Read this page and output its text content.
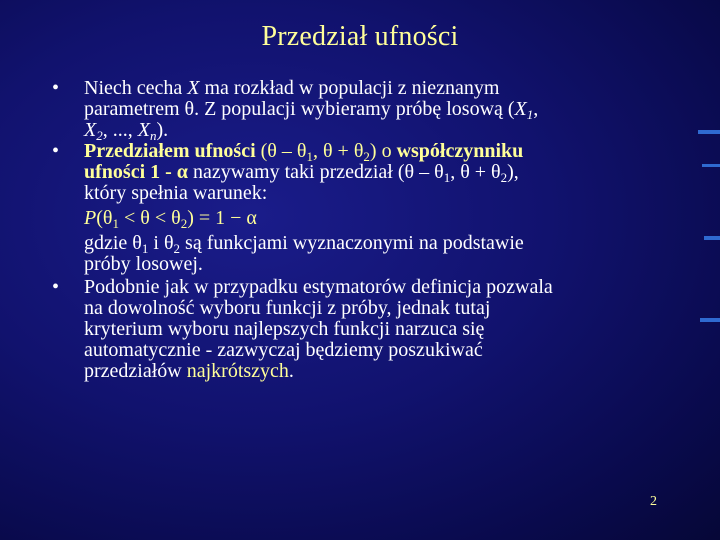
Przedział ufności
• Niech cecha X ma rozkład w populacji z nieznanym
parametrem θ. Z populacji wybieramy próbę losową ($X_1$,
$X_2$, ..., $X_n$).
• Przedziałem ufności ($\theta - \theta_1$, $\theta + \theta_2$) o współczynniku
ufności 1 - α nazywamy taki przedział ($\theta - \theta_1$, $\theta + \theta_2$),
który spełnia warunek:
$P(\theta_1 < \theta < \theta_2) = 1 - \alpha$
gdzie $\theta_1$ i $\theta_2$ są funkcjami wyznaczonymi na podstawie
próby losowej.
• Podobnie jak w przypadku estymatorów definicja pozwala
na dowolność wyboru funkcji z próby, jednak tutaj
kryterium wyboru najlepszych funkcji narzuca się
automatycznie - zazwyczaj będziemy poszukiwać
przedziałów najkrótszych.
2
